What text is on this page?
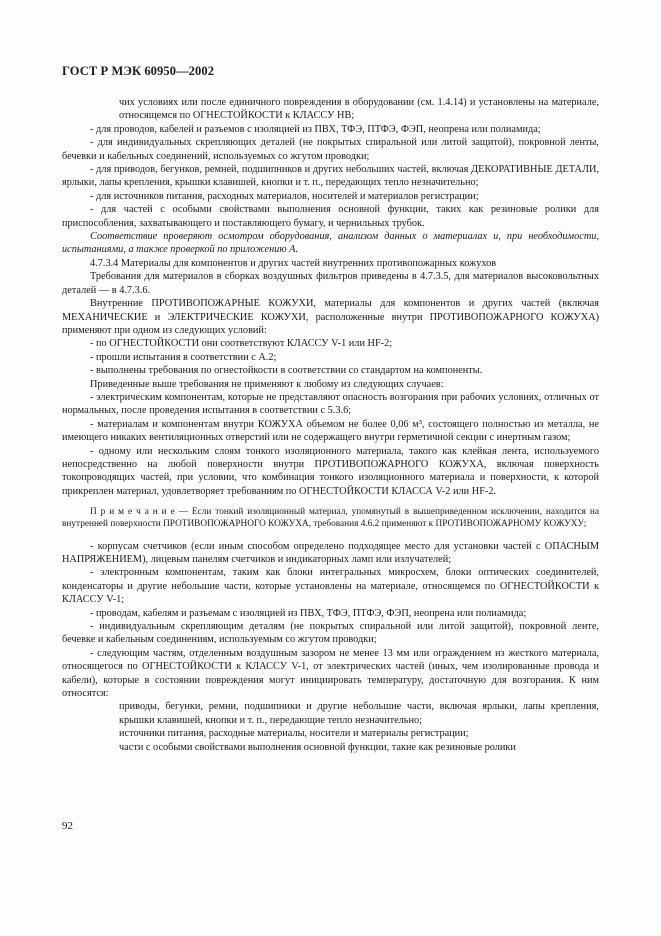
ГОСТ Р МЭК 60950—2002

чих условиях или после единичного повреждения в оборудовании (см. 1.4.14) и установлены на материале, относящемся по ОГНЕСТОЙКОСТИ к КЛАССУ НВ;

- для проводов, кабелей и разъемов с изоляцией из ПВХ, ТФЭ, ПТФЭ, ФЭП, неопрена или полиамида;

- для индивидуальных скрепляющих деталей (не покрытых спиральной или литой защитой), покровной ленты, бечевки и кабельных соединений, используемых со жгутом проводки;

- для приводов, бегунков, ремней, подшипников и других небольших частей, включая ДЕКОРАТИВНЫЕ ДЕТАЛИ, ярлыки, лапы крепления, крышки клавишей, кнопки и т. п., передающих тепло незначительно;

- для источников питания, расходных материалов, носителей и материалов регистрации;

- для частей с особыми свойствами выполнения основной функции, таких как резиновые ролики для приспособления, захватывающего и поставляющего бумагу, и чернильных трубок.

Соответствие проверяют осмотром оборудования, анализом данных о материалах и, при необходимости, испытаниями, а также проверкой по приложению А.

4.7.3.4 Материалы для компонентов и других частей внутренних противопожарных кожухов

Требования для материалов в сборках воздушных фильтров приведены в 4.7.3.5, для материалов высоковольтных деталей — в 4.7.3.6.

Внутренние ПРОТИВОПОЖАРНЫЕ КОЖУХИ, материалы для компонентов и других частей (включая МЕХАНИЧЕСКИЕ и ЭЛЕКТРИЧЕСКИЕ КОЖУХИ, расположенные внутри ПРОТИВОПОЖАРНОГО КОЖУХА) применяют при одном из следующих условий:

- по ОГНЕСТОЙКОСТИ они соответствуют КЛАССУ V-1 или HF-2;

- прошли испытания в соответствии с А.2;

- выполнены требования по огнестойкости в соответствии со стандартом на компоненты.

Приведенные выше требования не применяют к любому из следующих случаев:

- электрическим компонентам, которые не представляют опасность возгорания при рабочих условиях, отличных от нормальных, после проведения испытания в соответствии с 5.3.6;

- материалам и компонентам внутри КОЖУХА объемом не более 0,06 м³, состоящего полностью из металла, не имеющего никаких вентиляционных отверстий или не содержащего внутри герметичной секции с инертным газом;

- одному или нескольким слоям тонкого изоляционного материала, такого как клейкая лента, используемого непосредственно на любой поверхности внутри ПРОТИВОПОЖАРНОГО КОЖУХА, включая поверхность токопроводящих частей, при условии, что комбинация тонкого изоляционного материала и поверхности, к которой прикреплен материал, удовлетворяет требованиям по ОГНЕСТОЙКОСТИ КЛАССА V-2 или HF-2.

П р и м е ч а н и е — Если тонкий изоляционный материал, упомянутый в вышеприведенном исключении, находится на внутренней поверхности ПРОТИВОПОЖАРНОГО КОЖУХА, требования 4.6.2 применяют к ПРОТИВОПОЖАРНОМУ КОЖУХУ;

- корпусам счетчиков (если иным способом определено подходящее место для установки частей с ОПАСНЫМ НАПРЯЖЕНИЕМ), лицевым панелям счетчиков и индикаторных ламп или излучателей;

- электронным компонентам, таким как блоки интегральных микросхем, блоки оптических соединителей, конденсаторы и другие небольшие части, которые установлены на материале, относящемся по ОГНЕСТОЙКОСТИ к КЛАССУ V-1;

- проводам, кабелям и разъемам с изоляцией из ПВХ, ТФЭ, ПТФЭ, ФЭП, неопрена или полиамида;

- индивидуальным скрепляющим деталям (не покрытых спиральной или литой защитой), покровной ленте, бечевке и кабельным соединениям, используемым со жгутом проводки;

- следующим частям, отделенным воздушным зазором не менее 13 мм или ограждением из жесткого материала, относящегося по ОГНЕСТОЙКОСТИ к КЛАССУ V-1, от электрических частей (иных, чем изолированные провода и кабели), которые в состоянии повреждения могут инициировать температуру, достаточную для возгорания. К ним относятся:

приводы, бегунки, ремни, подшипники и другие небольшие части, включая ярлыки, лапы крепления, крышки клавишей, кнопки и т. п., передающие тепло незначительно;

источники питания, расходные материалы, носители и материалы регистрации;

части с особыми свойствами выполнения основной функции, такие как резиновые ролики

92
